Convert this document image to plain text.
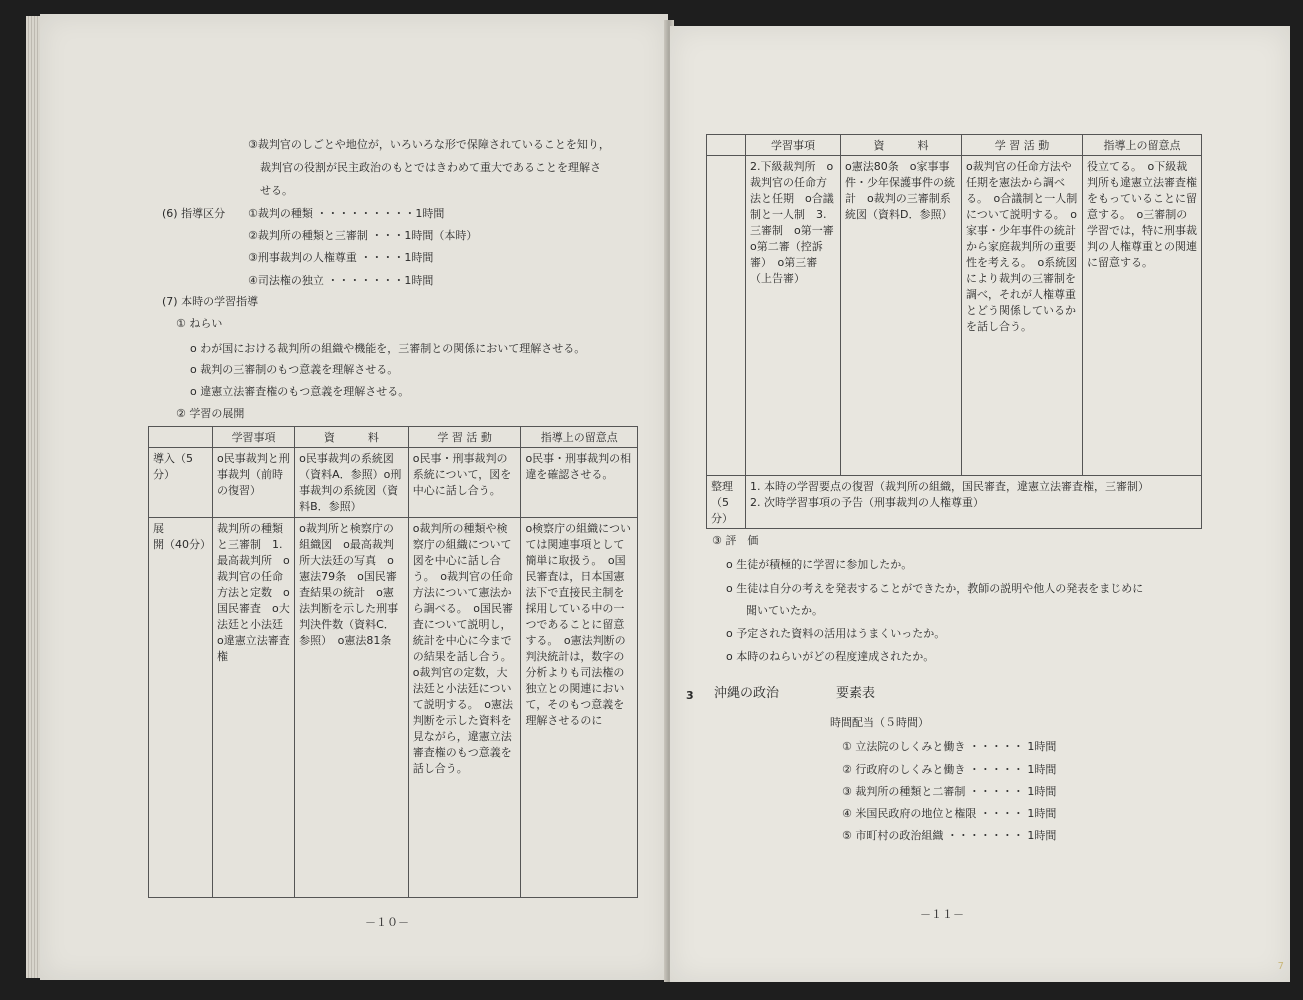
③裁判官のしごとや地位が，いろいろな形で保障されていることを知り，
裁判官の役割が民主政治のもとではきわめて重大であることを理解さ
せる。
(6) 指導区分 ①裁判の種類 ・・・・・・・・・1時間
②裁判所の種類と三審制 ・・・1時間（本時）
③刑事裁判の人権尊重 ・・・・1時間
④司法権の独立 ・・・・・・・1時間
(7) 本時の学習指導
① ねらい
o わが国における裁判所の組織や機能を，三審制との関係において理解させる。
o 裁判の三審制のもつ意義を理解させる。
o 違憲立法審査権のもつ意義を理解させる。
② 学習の展開
	学習事項	資　　　料	学 習 活 動	指導上の留意点
導入（5分）	o民事裁判と刑事裁判（前時の復習）	o民事裁判の系統図（資料A．参照）o刑事裁判の系統図（資料B．参照）	o民事・刑事裁判の系統について，図を中心に話し合う。	o民事・刑事裁判の相違を確認させる。
展　　　　開（40分）	裁判所の種類と三審制　1.最高裁判所　o裁判官の任命方法と定数　o国民審査　o大法廷と小法廷　o違憲立法審査権	o裁判所と検察庁の組織図　o最高裁判所大法廷の写真　o憲法79条　o国民審査結果の統計　o憲法判断を示した刑事判決件数（資料C．参照）　o憲法81条	o裁判所の種類や検察庁の組織について図を中心に話し合う。　o裁判官の任命方法について憲法から調べる。　o国民審査について説明し，統計を中心に今までの結果を話し合う。　o裁判官の定数，大法廷と小法廷について説明する。　o憲法判断を示した資料を見ながら，違憲立法審査権のもつ意義を話し合う。	o検察庁の組織については関連事項として簡単に取扱う。　o国民審査は，日本国憲法下で直接民主制を採用している中の一つであることに留意する。　o憲法判断の判決統計は，数字の分析よりも司法権の独立との関連において，そのもつ意義を理解させるのに
－１０－
	学習事項	資　　　料	学 習 活 動	指導上の留意点
	2.下級裁判所　o裁判官の任命方法と任期　o合議制と一人制　3.三審制　o第一審　o第二審（控訴審）　o第三審（上告審）	o憲法80条　o家事事件・少年保護事件の統計　o裁判の三審制系統図（資料D．参照）	o裁判官の任命方法や任期を憲法から調べる。　o合議制と一人制について説明する。　o家事・少年事件の統計から家庭裁判所の重要性を考える。　o系統図により裁判の三審制を調べ，それが人権尊重とどう関係しているかを話し合う。	役立てる。　o下級裁判所も違憲立法審査権をもっていることに留意する。　o三審制の学習では，特に刑事裁判の人権尊重との関連に留意する。
整理（5分）	1. 本時の学習要点の復習（裁判所の組織，国民審査，違憲立法審査権，三審制）
2. 次時学習事項の予告（刑事裁判の人権尊重）			
③ 評　価
o 生徒が積極的に学習に参加したか。
o 生徒は自分の考えを発表することができたか，教師の説明や他人の発表をまじめに
聞いていたか。
o 予定された資料の活用はうまくいったか。
o 本時のねらいがどの程度達成されたか。
3 沖縄の政治	要素表
時間配当（５時間）
① 立法院のしくみと働き ・・・・・ 1時間
② 行政府のしくみと働き ・・・・・ 1時間
③ 裁判所の種類と二審制 ・・・・・ 1時間
④ 米国民政府の地位と権限 ・・・・ 1時間
⑤ 市町村の政治組織 ・・・・・・・ 1時間
－１１－
7
